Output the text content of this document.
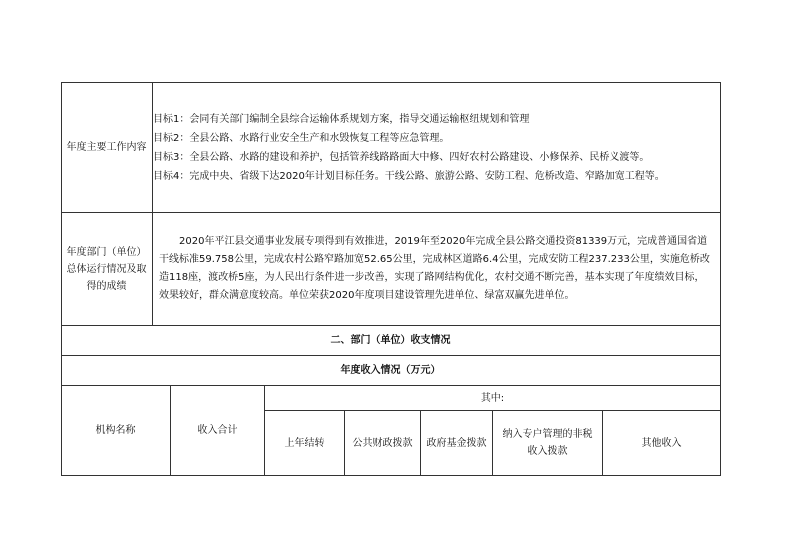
年度主要工作内容
目标1：会同有关部门编制全县综合运输体系规划方案，指导交通运输枢纽规划和管理
目标2：全县公路、水路行业安全生产和水毁恢复工程等应急管理。
目标3：全县公路、水路的建设和养护，包括管养线路路面大中修、四好农村公路建设、小修保养、民桥义渡等。
目标4：完成中央、省级下达2020年计划目标任务。干线公路、旅游公路、安防工程、危桥改造、窄路加宽工程等。
年度部门（单位）总体运行情况及取得的成绩
2020年平江县交通事业发展专项得到有效推进，2019年至2020年完成全县公路交通投资81339万元，完成普通国省道干线标准59.758公里，完成农村公路窄路加宽52.65公里，完成林区道路6.4公里，完成安防工程237.233公里，实施危桥改造118座，渡改桥5座，为人民出行条件进一步改善，实现了路网结构优化，农村交通不断完善，基本实现了年度绩效目标，效果较好，群众满意度较高。单位荣获2020年度项目建设管理先进单位、绿富双赢先进单位。
二、部门（单位）收支情况
年度收入情况（万元）
机构名称	收入合计
其中:
上年结转	公共财政拨款 政府基金拨款
纳入专户管理的非税收入拨款
其他收入
